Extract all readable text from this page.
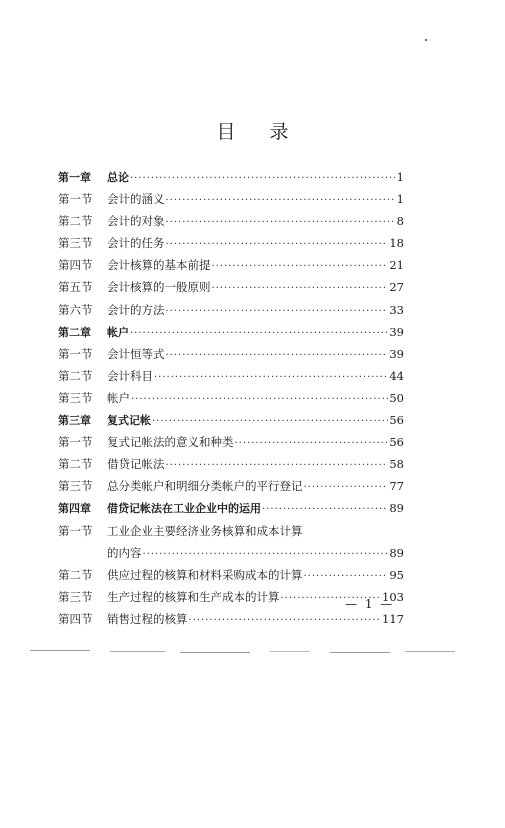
目 录
第一章	总论 ·····	1
第一节	会计的涵义 ·····	1
第二节	会计的对象 ·····	8
第三节	会计的任务 ·····	18
第四节	会计核算的基本前提 ·····	21
第五节	会计核算的一般原则 ·····	27
第六节	会计的方法 ·····	33
第二章	帐户 ·····	39
第一节	会计恒等式 ·····	39
第二节	会计科目 ·····	44
第三节	帐户 ·····	50
第三章	复式记帐 ·····	56
第一节	复式记帐法的意义和种类 ·····	56
第二节	借贷记帐法 ·····	58
第三节	总分类帐户和明细分类帐户的平行登记 ·····	77
第四章	借贷记帐法在工业企业中的运用 ·····	89
第一节	工业企业主要经济业务核算和成本计算
的内容 ·····	89
第二节	供应过程的核算和材料采购成本的计算 ·····	95
第三节	生产过程的核算和生产成本的计算 ·····	103
第四节	销售过程的核算 ·····	117
— 1 —
